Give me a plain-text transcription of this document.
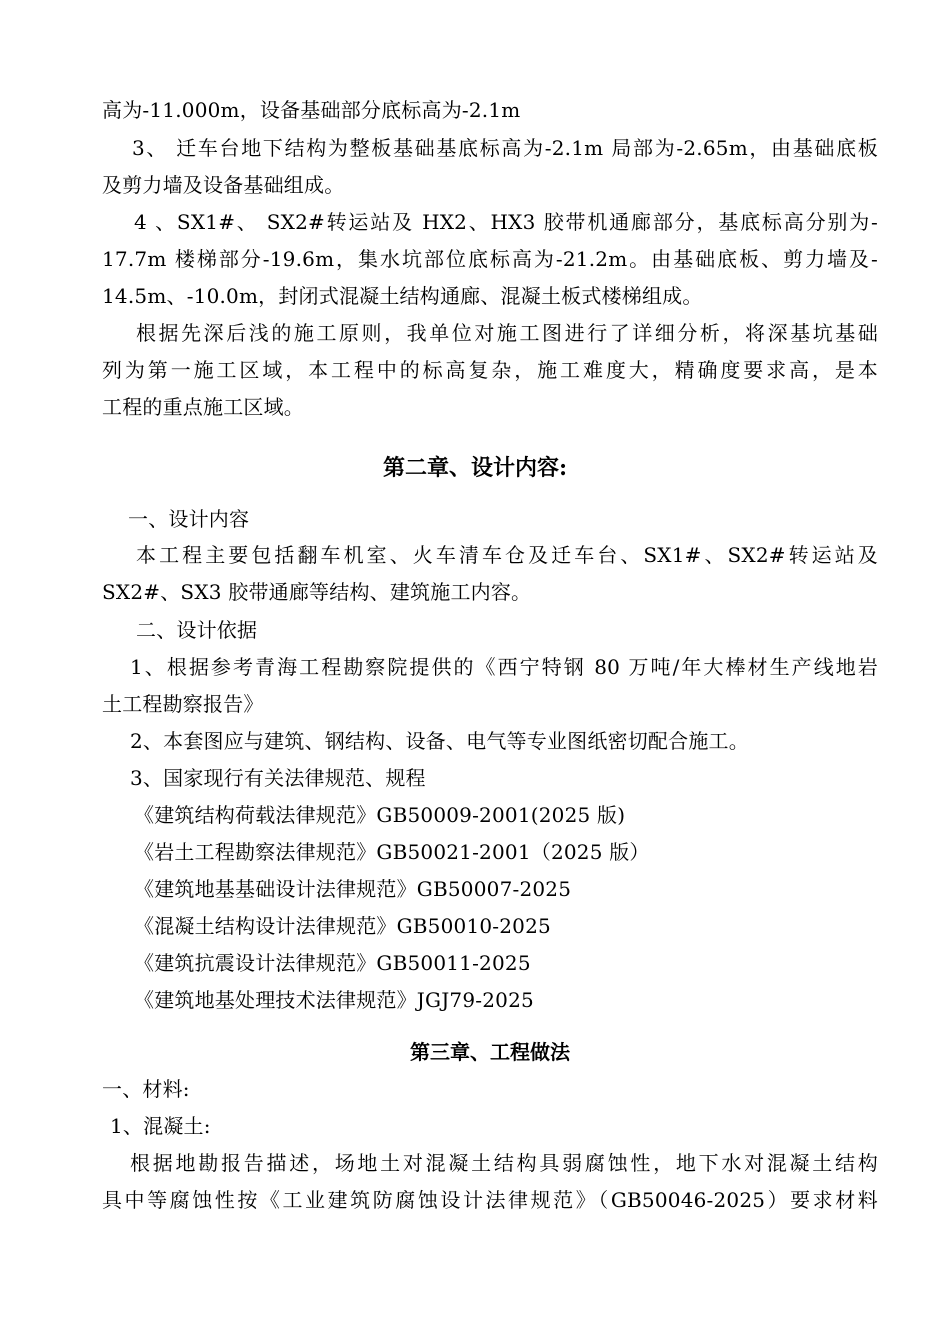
高为-11.000m，设备基础部分底标高为-2.1m
3、 迁车台地下结构为整板基础基底标高为-2.1m 局部为-2.65m，由基础底板
及剪力墙及设备基础组成。
4 、SX1#、 SX2#转运站及 HX2、HX3 胶带机通廊部分，基底标高分别为-
17.7m 楼梯部分-19.6m，集水坑部位底标高为-21.2m。由基础底板、剪力墙及-
14.5m、-10.0m，封闭式混凝土结构通廊、混凝土板式楼梯组成。
根据先深后浅的施工原则，我单位对施工图进行了详细分析，将深基坑基础
列为第一施工区域，本工程中的标高复杂，施工难度大，精确度要求高，是本
工程的重点施工区域。
第二章、设计内容:
一、设计内容
本工程主要包括翻车机室、火车清车仓及迁车台、SX1#、SX2#转运站及
SX2#、SX3 胶带通廊等结构、建筑施工内容。
二、设计依据
1、根据参考青海工程勘察院提供的《西宁特钢 80 万吨/年大棒材生产线地岩
土工程勘察报告》
2、本套图应与建筑、钢结构、设备、电气等专业图纸密切配合施工。
3、国家现行有关法律规范、规程
《建筑结构荷载法律规范》GB50009-2001(2025 版)
《岩土工程勘察法律规范》GB50021-2001（2025 版）
《建筑地基基础设计法律规范》GB50007-2025
《混凝土结构设计法律规范》GB50010-2025
《建筑抗震设计法律规范》GB50011-2025
《建筑地基处理技术法律规范》JGJ79-2025
第三章、工程做法
一、材料:
1、混凝土:
根据地勘报告描述，场地土对混凝土结构具弱腐蚀性，地下水对混凝土结构
具中等腐蚀性按《工业建筑防腐蚀设计法律规范》（GB50046-2025）要求材料
